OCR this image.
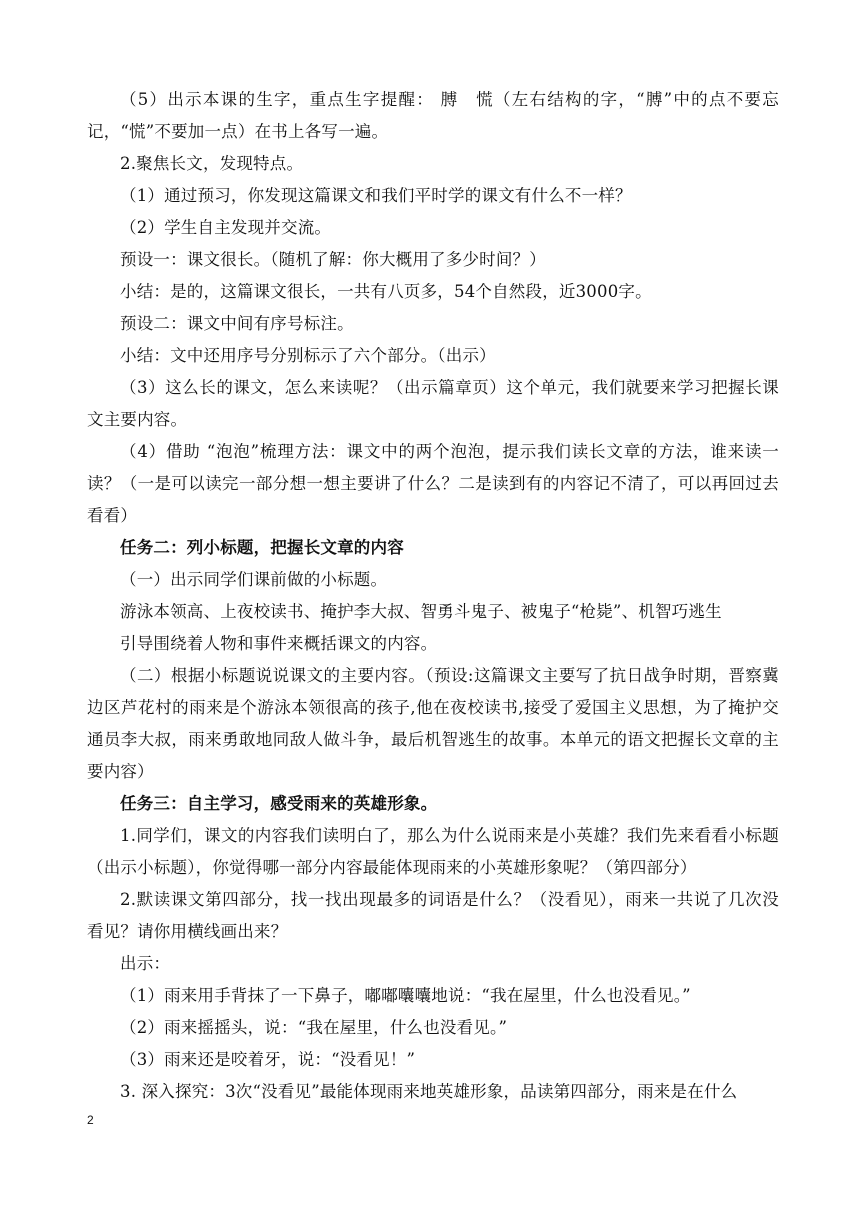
（5）出示本课的生字，重点生字提醒： 膊　慌（左右结构的字，“膊”中的点不要忘记，“慌”不要加一点）在书上各写一遍。

2.聚焦长文，发现特点。

（1）通过预习，你发现这篇课文和我们平时学的课文有什么不一样？

（2）学生自主发现并交流。

预设一：课文很长。（随机了解：你大概用了多少时间？）

小结：是的，这篇课文很长，一共有八页多，54个自然段，近3000字。

预设二：课文中间有序号标注。

小结：文中还用序号分别标示了六个部分。（出示）

（3）这么长的课文，怎么来读呢？（出示篇章页）这个单元，我们就要来学习把握长课文主要内容。

（4）借助 “泡泡”梳理方法：课文中的两个泡泡，提示我们读长文章的方法，谁来读一读？（一是可以读完一部分想一想主要讲了什么？二是读到有的内容记不清了，可以再回过去看看）

任务二：列小标题，把握长文章的内容

（一）出示同学们课前做的小标题。

游泳本领高、上夜校读书、掩护李大叔、智勇斗鬼子、被鬼子“枪毙”、机智巧逃生

引导围绕着人物和事件来概括课文的内容。

（二）根据小标题说说课文的主要内容。（预设:这篇课文主要写了抗日战争时期，晋察冀边区芦花村的雨来是个游泳本领很高的孩子,他在夜校读书,接受了爱国主义思想，为了掩护交通员李大叔，雨来勇敢地同敌人做斗争，最后机智逃生的故事。本单元的语文把握长文章的主要内容）

任务三：自主学习，感受雨来的英雄形象。

1.同学们，课文的内容我们读明白了，那么为什么说雨来是小英雄？我们先来看看小标题（出示小标题），你觉得哪一部分内容最能体现雨来的小英雄形象呢？（第四部分）

2.默读课文第四部分，找一找出现最多的词语是什么？（没看见），雨来一共说了几次没看见？请你用横线画出来？

出示：

（1）雨来用手背抹了一下鼻子，嘟嘟囔囔地说：“我在屋里，什么也没看见。”

（2）雨来摇摇头，说：“我在屋里，什么也没看见。”

（3）雨来还是咬着牙，说：“没看见！”

3. 深入探究：3次“没看见”最能体现雨来地英雄形象，品读第四部分，雨来是在什么

2
